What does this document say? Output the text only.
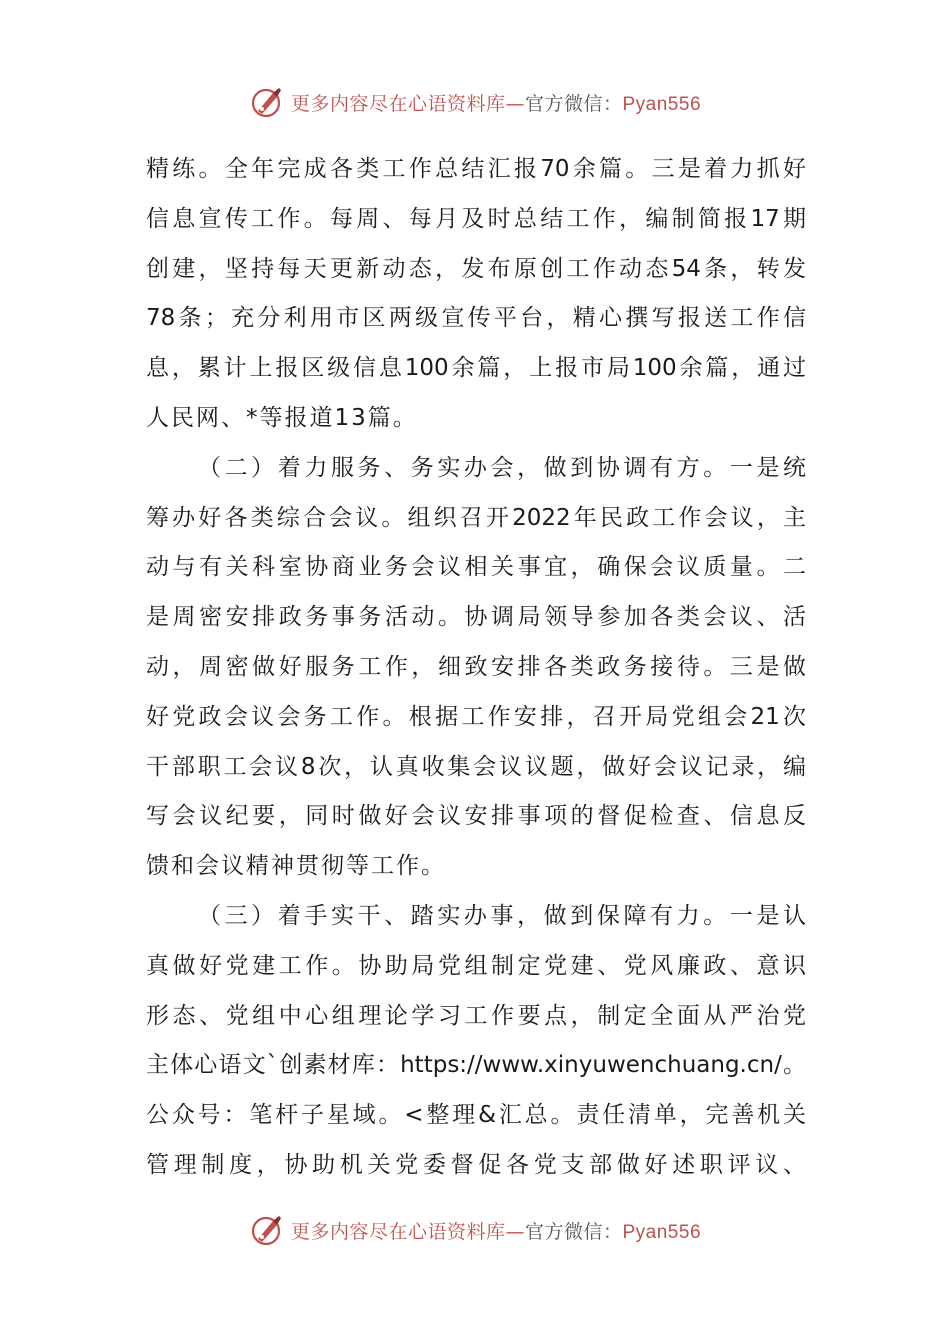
更多内容尽在心语资料库—官方微信：Pyan556
精练。全年完成各类工作总结汇报70余篇。三是着力抓好
信息宣传工作。每周、每月及时总结工作，编制简报17期
创建，坚持每天更新动态，发布原创工作动态54条，转发
78条；充分利用市区两级宣传平台，精心撰写报送工作信
息，累计上报区级信息100余篇，上报市局100余篇，通过
人民网、*等报道13篇。
（二）着力服务、务实办会，做到协调有方。一是统
筹办好各类综合会议。组织召开2022年民政工作会议，主
动与有关科室协商业务会议相关事宜，确保会议质量。二
是周密安排政务事务活动。协调局领导参加各类会议、活
动，周密做好服务工作，细致安排各类政务接待。三是做
好党政会议会务工作。根据工作安排，召开局党组会21次
干部职工会议8次，认真收集会议议题，做好会议记录，编
写会议纪要，同时做好会议安排事项的督促检查、信息反
馈和会议精神贯彻等工作。
（三）着手实干、踏实办事，做到保障有力。一是认
真做好党建工作。协助局党组制定党建、党风廉政、意识
形态、党组中心组理论学习工作要点，制定全面从严治党
主体心语文`创素材库：https://www.xinyuwenchuang.cn/。
公众号：笔杆子星域。<整理&汇总。责任清单，完善机关
管理制度，协助机关党委督促各党支部做好述职评议、
更多内容尽在心语资料库—官方微信：Pyan556
